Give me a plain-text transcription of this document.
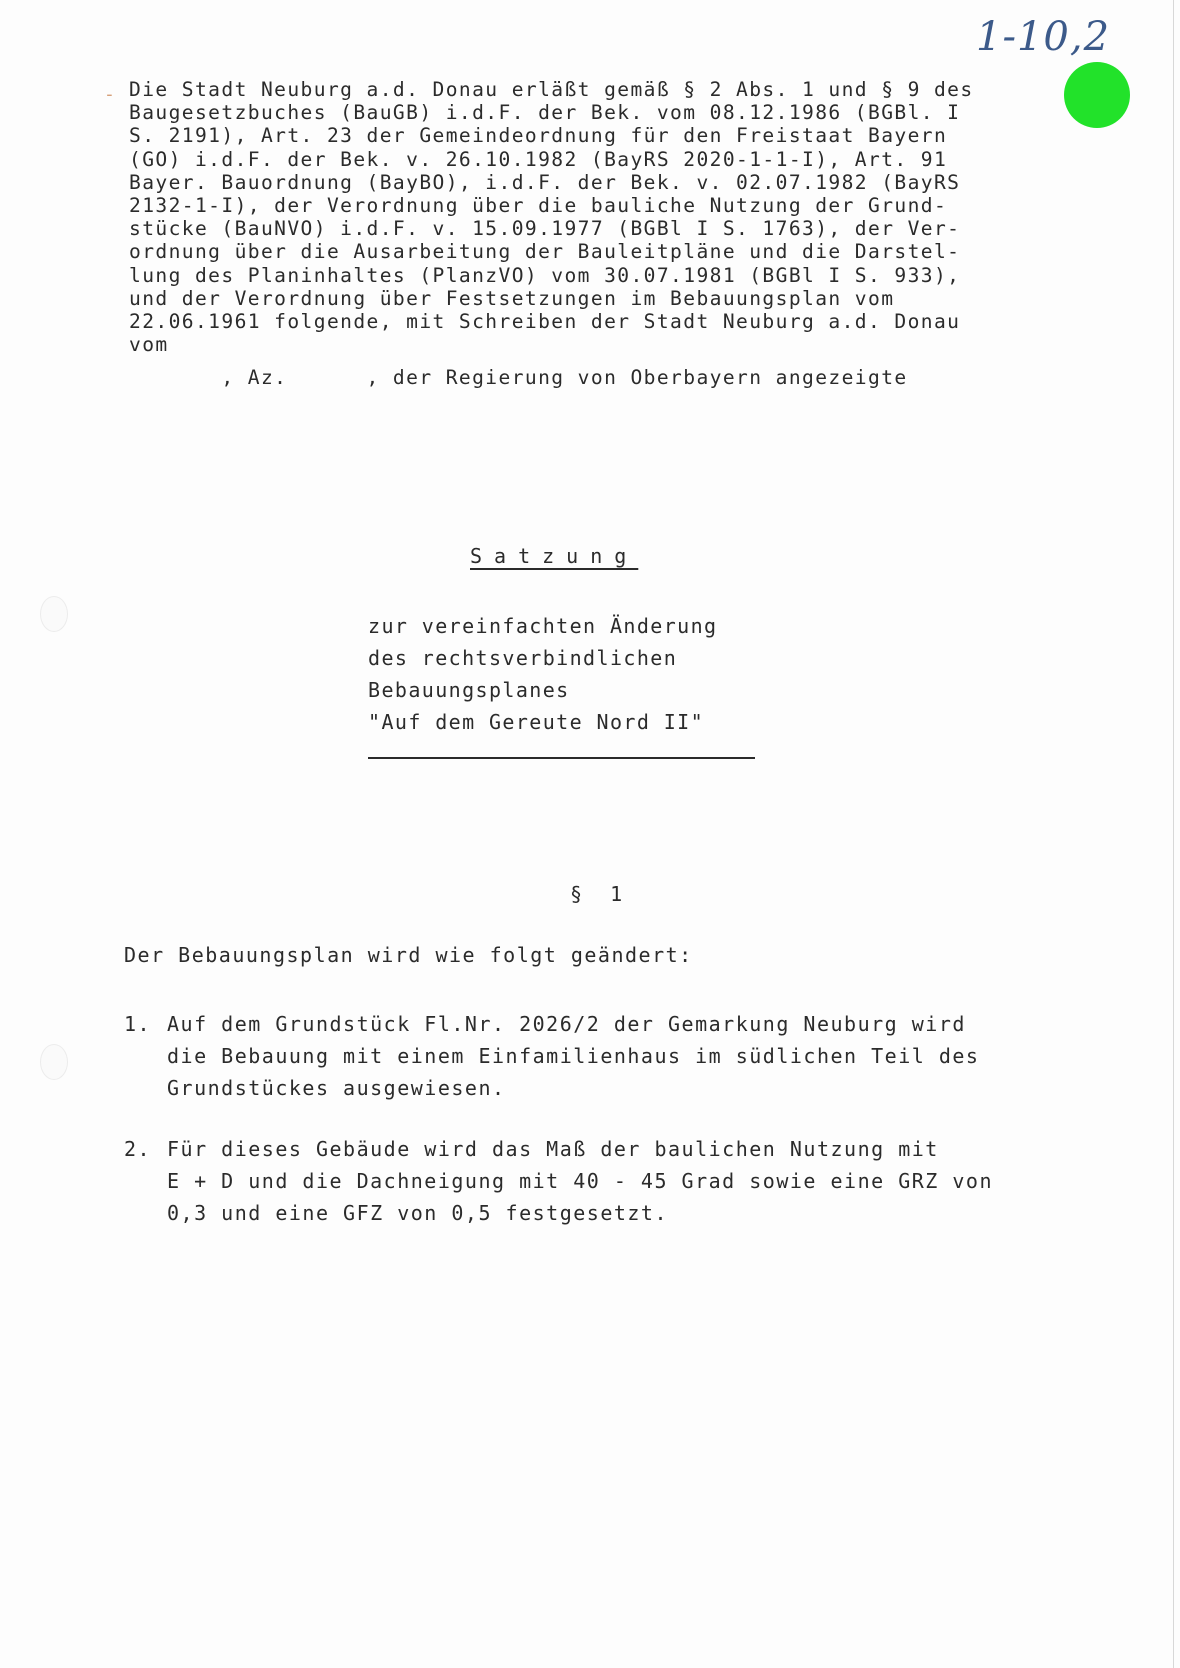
1-10,2
- Die Stadt Neuburg a.d. Donau erläßt gemäß § 2 Abs. 1 und § 9 des
Baugesetzbuches (BauGB) i.d.F. der Bek. vom 08.12.1986 (BGBl. I
S. 2191), Art. 23 der Gemeindeordnung für den Freistaat Bayern
(GO) i.d.F. der Bek. v. 26.10.1982 (BayRS 2020-1-1-I), Art. 91
Bayer. Bauordnung (BayBO), i.d.F. der Bek. v. 02.07.1982 (BayRS
2132-1-I), der Verordnung über die bauliche Nutzung der Grund-
stücke (BauNVO) i.d.F. v. 15.09.1977 (BGBl I S. 1763), der Ver-
ordnung über die Ausarbeitung der Bauleitpläne und die Darstel-
lung des Planinhaltes (PlanzVO) vom 30.07.1981 (BGBl I S. 933),
und der Verordnung über Festsetzungen im Bebauungsplan vom
22.06.1961 folgende, mit Schreiben der Stadt Neuburg a.d. Donau
vom
, Az.      , der Regierung von Oberbayern angezeigte
Satzung
zur vereinfachten Änderung
des rechtsverbindlichen
Bebauungsplanes
"Auf dem Gereute Nord II"
§ 1
Der Bebauungsplan wird wie folgt geändert:
1. Auf dem Grundstück Fl.Nr. 2026/2 der Gemarkung Neuburg wird
die Bebauung mit einem Einfamilienhaus im südlichen Teil des
Grundstückes ausgewiesen.
2. Für dieses Gebäude wird das Maß der baulichen Nutzung mit
E + D und die Dachneigung mit 40 - 45 Grad sowie eine GRZ von
0,3 und eine GFZ von 0,5 festgesetzt.
